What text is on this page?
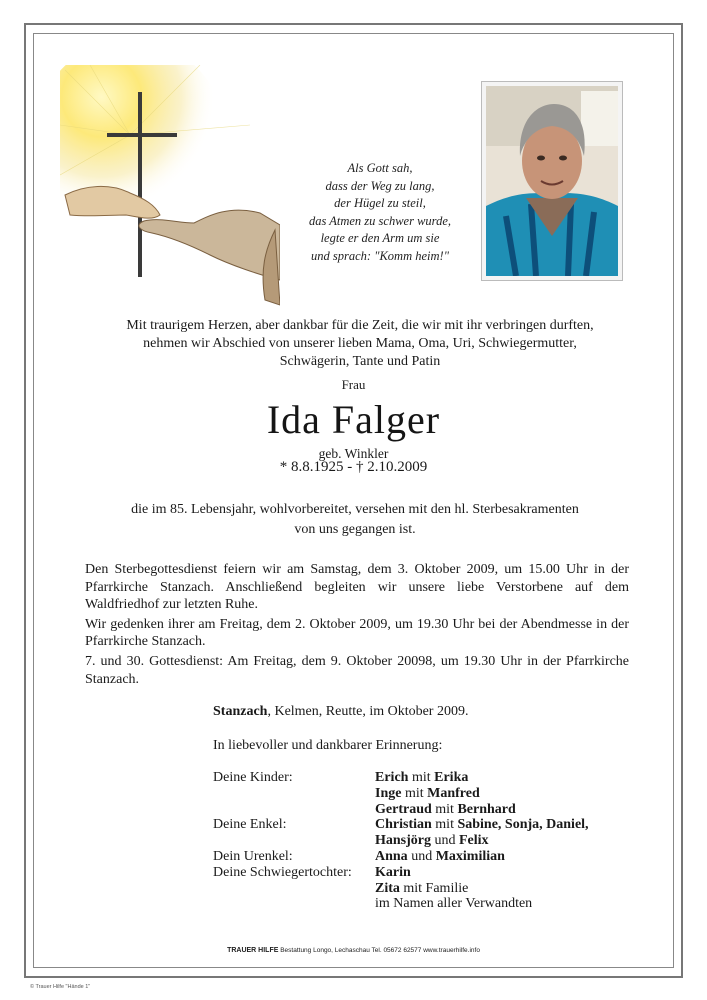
Als Gott sah,
dass der Weg zu lang,
der Hügel zu steil,
das Atmen zu schwer wurde,
legte er den Arm um sie
und sprach: "Komm heim!"
Mit traurigem Herzen, aber dankbar für die Zeit, die wir mit ihr verbringen durften,
nehmen wir Abschied von unserer lieben Mama, Oma, Uri, Schwiegermutter,
Schwägerin, Tante und Patin
Frau
Ida Falger
geb. Winkler
* 8.8.1925 - † 2.10.2009
die im 85. Lebensjahr, wohlvorbereitet, versehen mit den hl. Sterbesakramenten
von uns gegangen ist.

Den Sterbegottesdienst feiern wir am Samstag, dem 3. Oktober 2009, um 15.00 Uhr in der Pfarrkirche Stanzach. Anschließend begleiten wir unsere liebe Verstorbene auf dem Waldfriedhof zur letzten Ruhe.

Wir gedenken ihrer am Freitag, dem 2. Oktober 2009, um 19.30 Uhr bei der Abendmesse in der Pfarrkirche Stanzach.

7. und 30. Gottesdienst: Am Freitag, dem 9. Oktober 20098, um 19.30 Uhr in der Pfarrkirche Stanzach.

Stanzach, Kelmen, Reutte, im Oktober 2009.
In liebevoller und dankbarer Erinnerung:
Deine Kinder:	Erich mit Erika
Inge mit Manfred
Gertraud mit Bernhard
Deine Enkel:	Christian mit Sabine, Sonja, Daniel,
Hansjörg und Felix
Dein Urenkel:	Anna und Maximilian
Deine Schwiegertochter:	Karin
Zita mit Familie
im Namen aller Verwandten
TRAUER HILFE Bestattung Longo, Lechaschau Tel. 05672 62577 www.trauerhilfe.info
© Trauer Hilfe "Hände 1"
